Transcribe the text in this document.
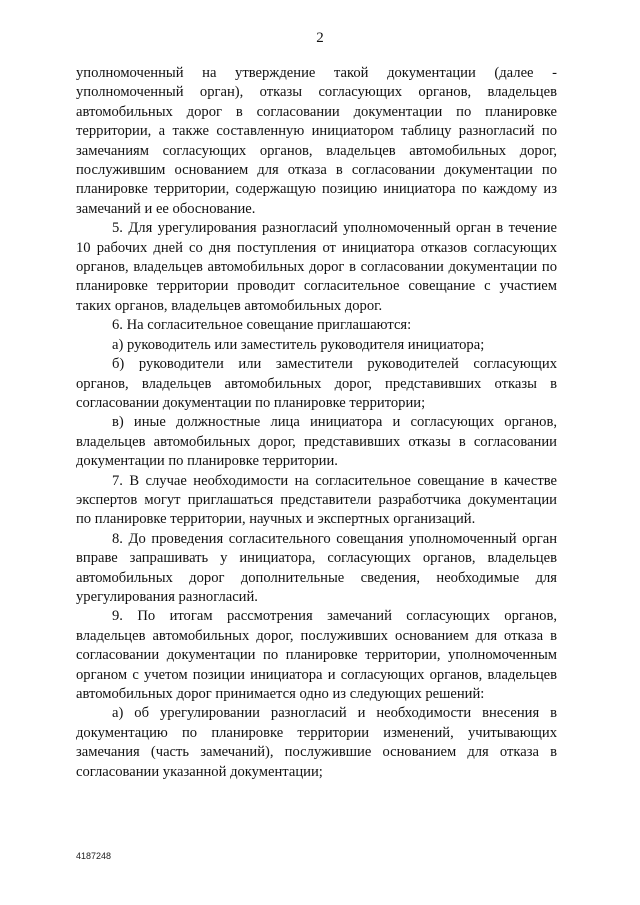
2

уполномоченный на утверждение такой документации (далее - уполномоченный орган), отказы согласующих органов, владельцев автомобильных дорог в согласовании документации по планировке территории, а также составленную инициатором таблицу разногласий по замечаниям согласующих органов, владельцев автомобильных дорог, послужившим основанием для отказа в согласовании документации по планировке территории, содержащую позицию инициатора по каждому из замечаний и ее обоснование.

5. Для урегулирования разногласий уполномоченный орган в течение 10 рабочих дней со дня поступления от инициатора отказов согласующих органов, владельцев автомобильных дорог в согласовании документации по планировке территории проводит согласительное совещание с участием таких органов, владельцев автомобильных дорог.

6. На согласительное совещание приглашаются:

а) руководитель или заместитель руководителя инициатора;

б) руководители или заместители руководителей согласующих органов, владельцев автомобильных дорог, представивших отказы в согласовании документации по планировке территории;

в) иные должностные лица инициатора и согласующих органов, владельцев автомобильных дорог, представивших отказы в согласовании документации по планировке территории.

7. В случае необходимости на согласительное совещание в качестве экспертов могут приглашаться представители разработчика документации по планировке территории, научных и экспертных организаций.

8. До проведения согласительного совещания уполномоченный орган вправе запрашивать у инициатора, согласующих органов, владельцев автомобильных дорог дополнительные сведения, необходимые для урегулирования разногласий.

9. По итогам рассмотрения замечаний согласующих органов, владельцев автомобильных дорог, послуживших основанием для отказа в согласовании документации по планировке территории, уполномоченным органом с учетом позиции инициатора и согласующих органов, владельцев автомобильных дорог принимается одно из следующих решений:

а) об урегулировании разногласий и необходимости внесения в документацию по планировке территории изменений, учитывающих замечания (часть замечаний), послужившие основанием для отказа в согласовании указанной документации;

4187248
